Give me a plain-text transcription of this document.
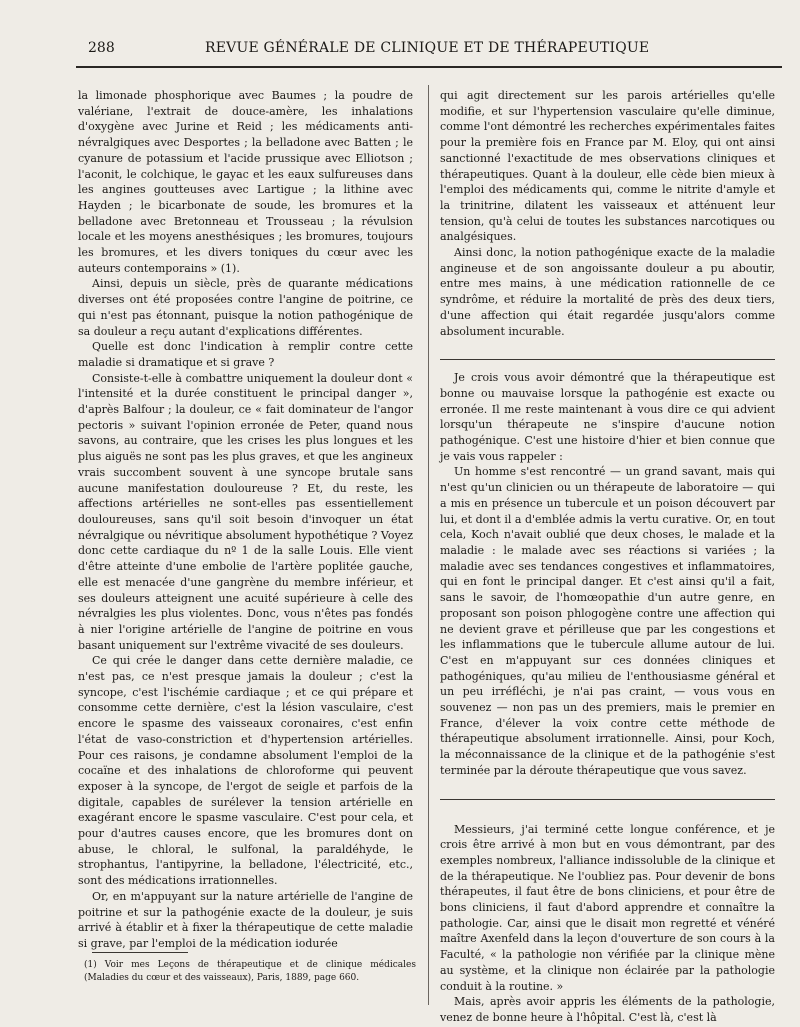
288	REVUE GÉNÉRALE DE CLINIQUE ET DE THÉRAPEUTIQUE

la limonade phosphorique avec Baumes ; la poudre de valériane, l'extrait de douce-amère, les inhalations d'oxygène avec Jurine et Reid ; les médicaments anti-névralgiques avec Desportes ; la belladone avec Batten ; le cyanure de potassium et l'acide prussique avec Elliotson ; l'aconit, le colchique, le gayac et les eaux sulfureuses dans les angines goutteuses avec Lartigue ; la lithine avec Hayden ; le bicarbonate de soude, les bromures et la belladone avec Bretonneau et Trousseau ; la révulsion locale et les moyens anesthésiques ; les bromures, toujours les bromures, et les divers toniques du cœur avec les auteurs contemporains » (1).

Ainsi, depuis un siècle, près de quarante médications diverses ont été proposées contre l'angine de poitrine, ce qui n'est pas étonnant, puisque la notion pathogénique de sa douleur a reçu autant d'explications différentes.

Quelle est donc l'indication à remplir contre cette maladie si dramatique et si grave ?

Consiste-t-elle à combattre uniquement la douleur dont « l'intensité et la durée constituent le principal danger », d'après Balfour ; la douleur, ce « fait dominateur de l'angor pectoris » suivant l'opinion erronée de Peter, quand nous savons, au contraire, que les crises les plus longues et les plus aiguës ne sont pas les plus graves, et que les angineux vrais succombent souvent à une syncope brutale sans aucune manifestation douloureuse ? Et, du reste, les affections artérielles ne sont-elles pas essentiellement douloureuses, sans qu'il soit besoin d'invoquer un état névralgique ou névritique absolument hypothétique ? Voyez donc cette cardiaque du nº 1 de la salle Louis. Elle vient d'être atteinte d'une embolie de l'artère poplitée gauche, elle est menacée d'une gangrène du membre inférieur, et ses douleurs atteignent une acuité supérieure à celle des névralgies les plus violentes. Donc, vous n'êtes pas fondés à nier l'origine artérielle de l'angine de poitrine en vous basant uniquement sur l'extrême vivacité de ses douleurs.

Ce qui crée le danger dans cette dernière maladie, ce n'est pas, ce n'est presque jamais la douleur ; c'est la syncope, c'est l'ischémie cardiaque ; et ce qui prépare et consomme cette dernière, c'est la lésion vasculaire, c'est encore le spasme des vaisseaux coronaires, c'est enfin l'état de vaso-constriction et d'hypertension artérielles. Pour ces raisons, je condamne absolument l'emploi de la cocaïne et des inhalations de chloroforme qui peuvent exposer à la syncope, de l'ergot de seigle et parfois de la digitale, capables de surélever la tension artérielle en exagérant encore le spasme vasculaire. C'est pour cela, et pour d'autres causes encore, que les bromures dont on abuse, le chloral, le sulfonal, la paraldéhyde, le strophantus, l'antipyrine, la belladone, l'électricité, etc., sont des médications irrationnelles.

Or, en m'appuyant sur la nature artérielle de l'angine de poitrine et sur la pathogénie exacte de la douleur, je suis arrivé à établir et à fixer la thérapeutique de cette maladie si grave, par l'emploi de la médication iodurée

qui agit directement sur les parois artérielles qu'elle modifie, et sur l'hypertension vasculaire qu'elle diminue, comme l'ont démontré les recherches expérimentales faites pour la première fois en France par M. Eloy, qui ont ainsi sanctionné l'exactitude de mes observations cliniques et thérapeutiques. Quant à la douleur, elle cède bien mieux à l'emploi des médicaments qui, comme le nitrite d'amyle et la trinitrine, dilatent les vaisseaux et atténuent leur tension, qu'à celui de toutes les substances narcotiques ou analgésiques.

Ainsi donc, la notion pathogénique exacte de la maladie angineuse et de son angoissante douleur a pu aboutir, entre mes mains, à une médication rationnelle de ce syndrôme, et réduire la mortalité de près des deux tiers, d'une affection qui était regardée jusqu'alors comme absolument incurable.

Je crois vous avoir démontré que la thérapeutique est bonne ou mauvaise lorsque la pathogénie est exacte ou erronée. Il me reste maintenant à vous dire ce qui advient lorsqu'un thérapeute ne s'inspire d'aucune notion pathogénique. C'est une histoire d'hier et bien connue que je vais vous rappeler :

Un homme s'est rencontré — un grand savant, mais qui n'est qu'un clinicien ou un thérapeute de laboratoire — qui a mis en présence un tubercule et un poison découvert par lui, et dont il a d'emblée admis la vertu curative. Or, en tout cela, Koch n'avait oublié que deux choses, le malade et la maladie : le malade avec ses réactions si variées ; la maladie avec ses tendances congestives et inflammatoires, qui en font le principal danger. Et c'est ainsi qu'il a fait, sans le savoir, de l'homœopathie d'un autre genre, en proposant son poison phlogogène contre une affection qui ne devient grave et périlleuse que par les congestions et les inflammations que le tubercule allume autour de lui. C'est en m'appuyant sur ces données cliniques et pathogéniques, qu'au milieu de l'enthousiasme général et un peu irréfléchi, je n'ai pas craint, — vous vous en souvenez — non pas un des premiers, mais le premier en France, d'élever la voix contre cette méthode de thérapeutique absolument irrationnelle. Ainsi, pour Koch, la méconnaissance de la clinique et de la pathogénie s'est terminée par la déroute thérapeutique que vous savez.

Messieurs, j'ai terminé cette longue conférence, et je crois être arrivé à mon but en vous démontrant, par des exemples nombreux, l'alliance indissoluble de la clinique et de la thérapeutique. Ne l'oubliez pas. Pour devenir de bons thérapeutes, il faut être de bons cliniciens, et pour être de bons cliniciens, il faut d'abord apprendre et connaître la pathologie. Car, ainsi que le disait mon regretté et vénéré maître Axenfeld dans la leçon d'ouverture de son cours à la Faculté, « la pathologie non vérifiée par la clinique mène au système, et la clinique non éclairée par la pathologie conduit à la routine. »

Mais, après avoir appris les éléments de la pathologie, venez de bonne heure à l'hôpital. C'est là, c'est là

(1) Voir mes Leçons de thérapeutique et de clinique médicales (Maladies du cœur et des vaisseaux), Paris, 1889, page 660.
